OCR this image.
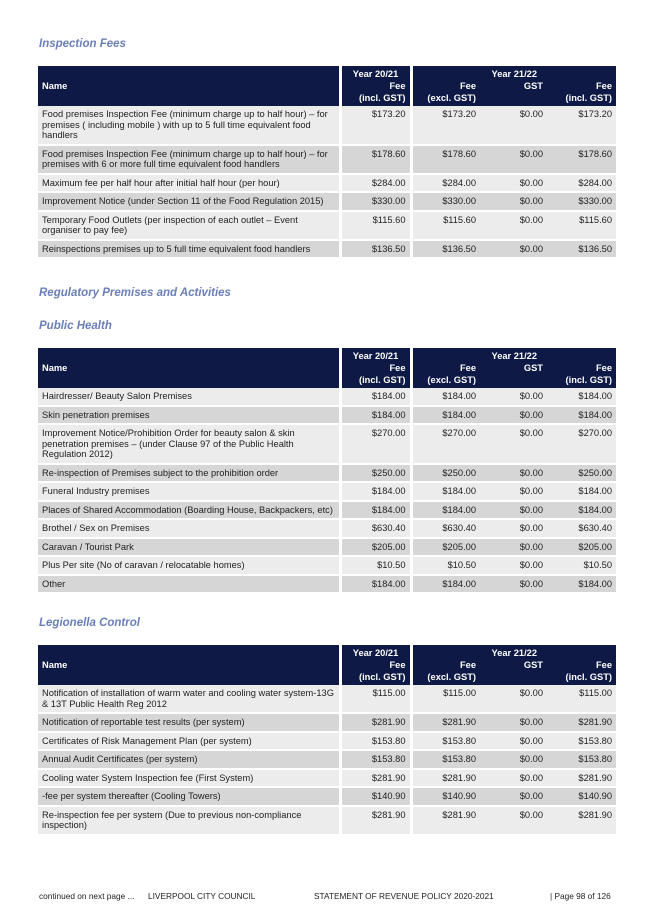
Inspection Fees
Name	Year 20/21	Year 21/22		
	Fee	Fee	GST	Fee
	(incl. GST)	(excl. GST)		(incl. GST)
Food premises Inspection Fee (minimum charge up to half hour) – for premises ( including mobile ) with up to 5 full time equivalent food handlers	$173.20	$173.20	$0.00	$173.20
Food premises Inspection Fee (minimum charge up to half hour) – for premises with 6 or more full time equivalent food handlers	$178.60	$178.60	$0.00	$178.60
Maximum fee per half hour after initial half hour (per hour)	$284.00	$284.00	$0.00	$284.00
Improvement Notice (under Section 11 of the Food Regulation 2015)	$330.00	$330.00	$0.00	$330.00
Temporary Food Outlets (per inspection of each outlet – Event organiser to pay fee)	$115.60	$115.60	$0.00	$115.60
Reinspections premises up to 5 full time equivalent food handlers	$136.50	$136.50	$0.00	$136.50
Regulatory Premises and Activities
Public Health
Name	Year 20/21	Year 21/22		
	Fee	Fee	GST	Fee
	(incl. GST)	(excl. GST)		(incl. GST)
Hairdresser/ Beauty Salon Premises	$184.00	$184.00	$0.00	$184.00
Skin penetration premises	$184.00	$184.00	$0.00	$184.00
Improvement Notice/Prohibition Order for beauty salon & skin penetration premises – (under Clause 97 of the Public Health Regulation 2012)	$270.00	$270.00	$0.00	$270.00
Re-inspection of Premises subject to the prohibition order	$250.00	$250.00	$0.00	$250.00
Funeral Industry premises	$184.00	$184.00	$0.00	$184.00
Places of Shared Accommodation (Boarding House, Backpackers, etc)	$184.00	$184.00	$0.00	$184.00
Brothel / Sex on Premises	$630.40	$630.40	$0.00	$630.40
Caravan / Tourist Park	$205.00	$205.00	$0.00	$205.00
Plus Per site (No of caravan / relocatable homes)	$10.50	$10.50	$0.00	$10.50
Other	$184.00	$184.00	$0.00	$184.00
Legionella Control
Name	Year 20/21	Year 21/22		
	Fee	Fee	GST	Fee
	(incl. GST)	(excl. GST)		(incl. GST)
Notification of installation of warm water and cooling water system-13G & 13T Public Health Reg 2012	$115.00	$115.00	$0.00	$115.00
Notification of reportable test results (per system)	$281.90	$281.90	$0.00	$281.90
Certificates of Risk Management Plan (per system)	$153.80	$153.80	$0.00	$153.80
Annual Audit Certificates (per system)	$153.80	$153.80	$0.00	$153.80
Cooling water System Inspection fee (First System)	$281.90	$281.90	$0.00	$281.90
-fee per system thereafter (Cooling Towers)	$140.90	$140.90	$0.00	$140.90
Re-inspection fee per system (Due to previous non-compliance inspection)	$281.90	$281.90	$0.00	$281.90
continued on next page ... LIVERPOOL CITY COUNCIL	STATEMENT OF REVENUE POLICY 2020-2021	| Page 98 of 126
